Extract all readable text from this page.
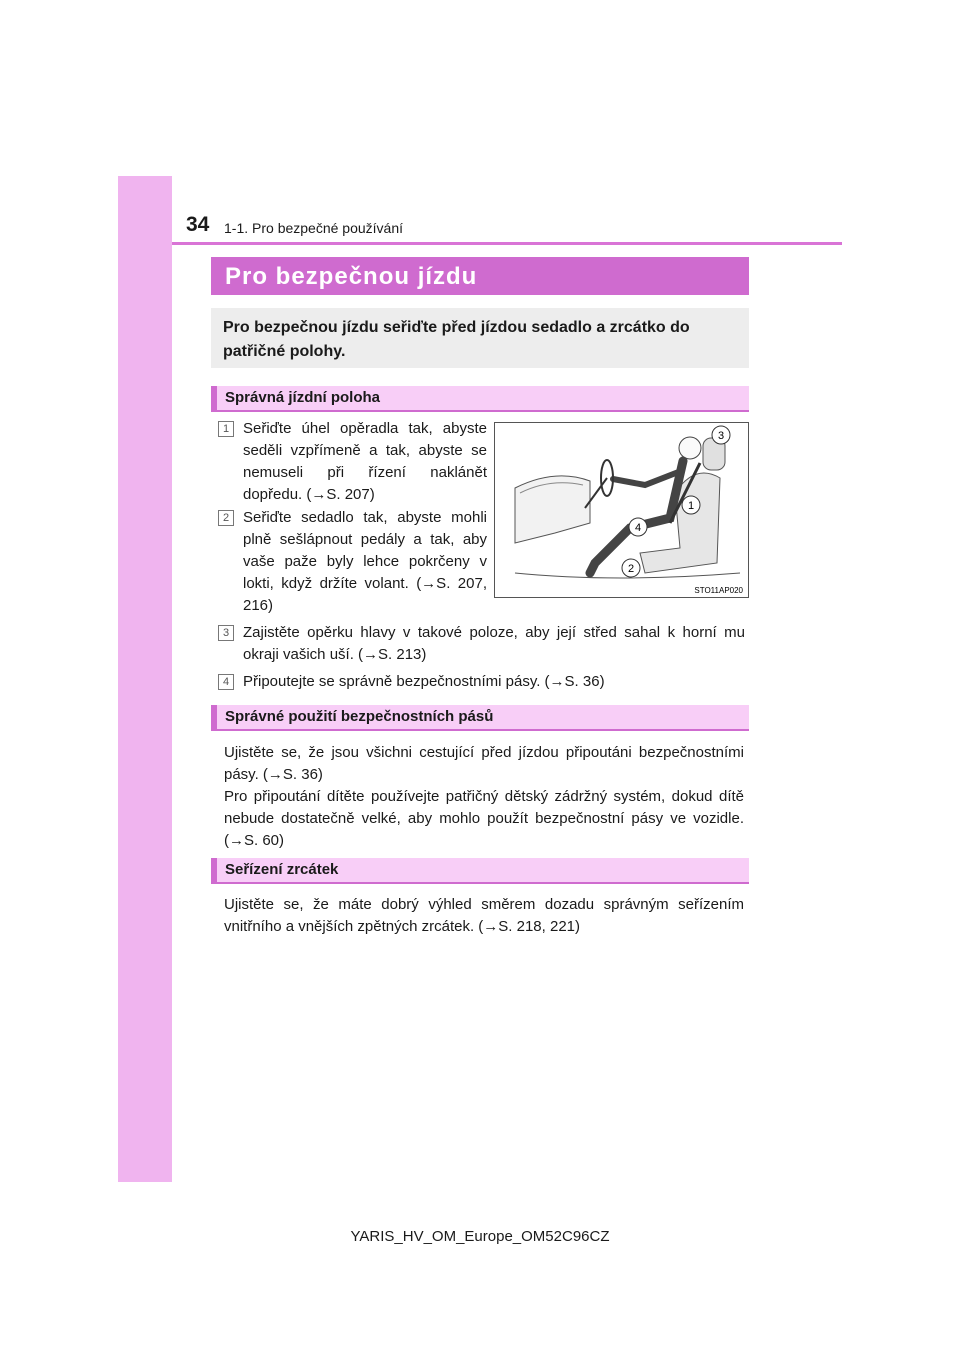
34 1-1. Pro bezpečné používání
Pro bezpečnou jízdu
Pro bezpečnou jízdu seřiďte před jízdou sedadlo a zrcátko do patřičné polohy.
Správná jízdní poloha
1 Seřiďte úhel opěradla tak, abyste seděli vzpřímeně a tak, abyste se nemuseli při řízení naklánět dopředu. (→S. 207)
2 Seřiďte sedadlo tak, abyste mohli plně sešlápnout pedály a tak, aby vaše paže byly lehce pokrčeny v lokti, když držíte volant. (→S. 207, 216)
3 Zajistěte opěrku hlavy v takové poloze, aby její střed sahal k horní mu okraji vašich uší. (→S. 213)
4 Připoutejte se správně bezpečnostními pásy. (→S. 36)
3
1
4
2
STO11AP020
Správné použití bezpečnostních pásů
Ujistěte se, že jsou všichni cestující před jízdou připoutáni bezpečnostními pásy. (→S. 36)
Pro připoutání dítěte používejte patřičný dětský zádržný systém, dokud dítě nebude dostatečně velké, aby mohlo použít bezpečnostní pásy ve vozidle. (→S. 60)
Seřízení zrcátek
Ujistěte se, že máte dobrý výhled směrem dozadu správným seřízením vnitřního a vnějších zpětných zrcátek. (→S. 218, 221)
YARIS_HV_OM_Europe_OM52C96CZ
